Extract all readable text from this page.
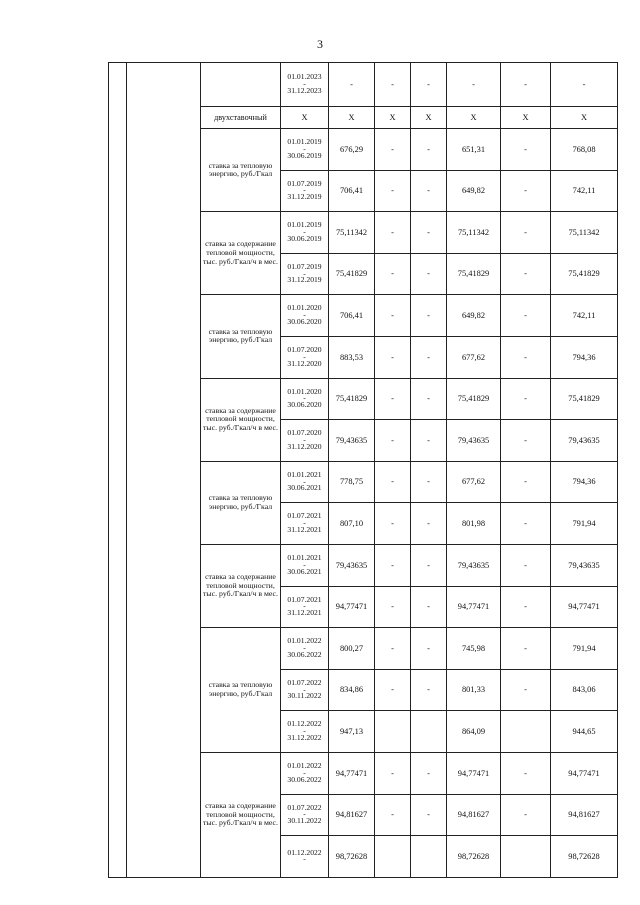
3

			01.01.2023
-
31.12.2023	-	-	-	-	-	-
		двухставочный	X	X	X	X	X	X	X
		ставка за тепловую энергию, руб./Гкал	01.01.2019
-
30.06.2019	676,29	-	-	651,31	-	768,08

			01.07.2019
-
31.12.2019	706,41	-	-	649,82	-	742,11
		ставка за содержание тепловой мощности, тыс. руб./Гкал/ч в мес.	01.01.2019
-
30.06.2019	75,11342	-	-	75,11342	-	75,11342

			01.07.2019
-
31.12.2019	75,41829	-	-	75,41829	-	75,41829
		ставка за тепловую энергию, руб./Гкал	01.01.2020
-
30.06.2020	706,41	-	-	649,82	-	742,11

			01.07.2020
-
31.12.2020	883,53	-	-	677,62	-	794,36
		ставка за содержание тепловой мощности, тыс. руб./Гкал/ч в мес.	01.01.2020
-
30.06.2020	75,41829	-	-	75,41829	-	75,41829

			01.07.2020
-
31.12.2020	79,43635	-	-	79,43635	-	79,43635
		ставка за тепловую энергию, руб./Гкал	01.01.2021
-
30.06.2021	778,75	-	-	677,62	-	794,36

			01.07.2021
-
31.12.2021	807,10	-	-	801,98	-	791,94
		ставка за содержание тепловой мощности, тыс. руб./Гкал/ч в мес.	01.01.2021
-
30.06.2021	79,43635	-	-	79,43635	-	79,43635

			01.07.2021
-
31.12.2021	94,77471	-	-	94,77471	-	94,77471
		ставка за тепловую энергию, руб./Гкал	01.01.2022
-
30.06.2022	800,27	-	-	745,98	-	791,94

			01.07.2022
-
30.11.2022	834,86	-	-	801,33	-	843,06

			01.12.2022
-
31.12.2022	947,13			864,09		944,65
		ставка за содержание тепловой мощности, тыс. руб./Гкал/ч в мес.	01.01.2022
-
30.06.2022	94,77471	-	-	94,77471	-	94,77471

			01.07.2022
-
30.11.2022	94,81627	-	-	94,81627	-	94,81627

			01.12.2022
-	98,72628			98,72628		98,72628
